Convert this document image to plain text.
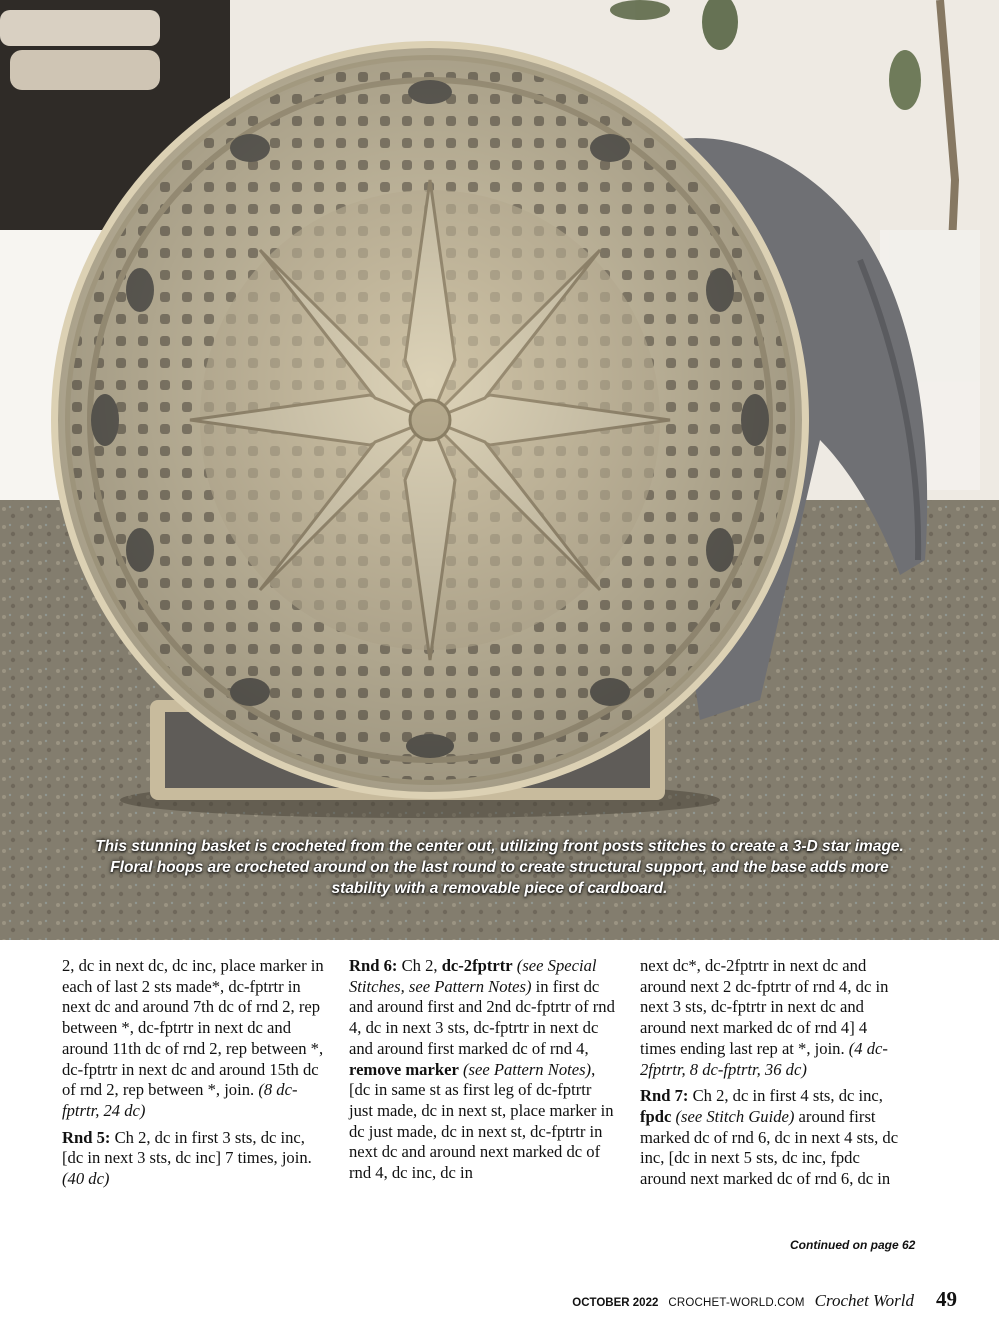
This stunning basket is crocheted from the center out, utilizing front posts stitches to create a 3-D star image. Floral hoops are crocheted around on the last round to create structural support, and the base adds more stability with a removable piece of cardboard.

2, dc in next dc, dc inc, place marker in each of last 2 sts made*, dc-fptrtr in next dc and around 7th dc of rnd 2, rep between *, dc-fptrtr in next dc and around 11th dc of rnd 2, rep between *, dc-fptrtr in next dc and around 15th dc of rnd 2, rep between *, join. (8 dc-fptrtr, 24 dc)

Rnd 5: Ch 2, dc in first 3 sts, dc inc, [dc in next 3 sts, dc inc] 7 times, join. (40 dc)

Rnd 6: Ch 2, dc-2fptrtr (see Special Stitches, see Pattern Notes) in first dc and around first and 2nd dc-fptrtr of rnd 4, dc in next 3 sts, dc-fptrtr in next dc and around first marked dc of rnd 4, remove marker (see Pattern Notes), [dc in same st as first leg of dc-fptrtr just made, dc in next st, place marker in dc just made, dc in next st, dc-fptrtr in next dc and around next marked dc of rnd 4, dc inc, dc in

next dc*, dc-2fptrtr in next dc and around next 2 dc-fptrtr of rnd 4, dc in next 3 sts, dc-fptrtr in next dc and around next marked dc of rnd 4] 4 times ending last rep at *, join. (4 dc-2fptrtr, 8 dc-fptrtr, 36 dc)

Rnd 7: Ch 2, dc in first 4 sts, dc inc, fpdc (see Stitch Guide) around first marked dc of rnd 6, dc in next 4 sts, dc inc, [dc in next 5 sts, dc inc, fpdc around next marked dc of rnd 6, dc in

Continued on page 62
OCTOBER 2022 CROCHET-WORLD.COM Crochet World 49
